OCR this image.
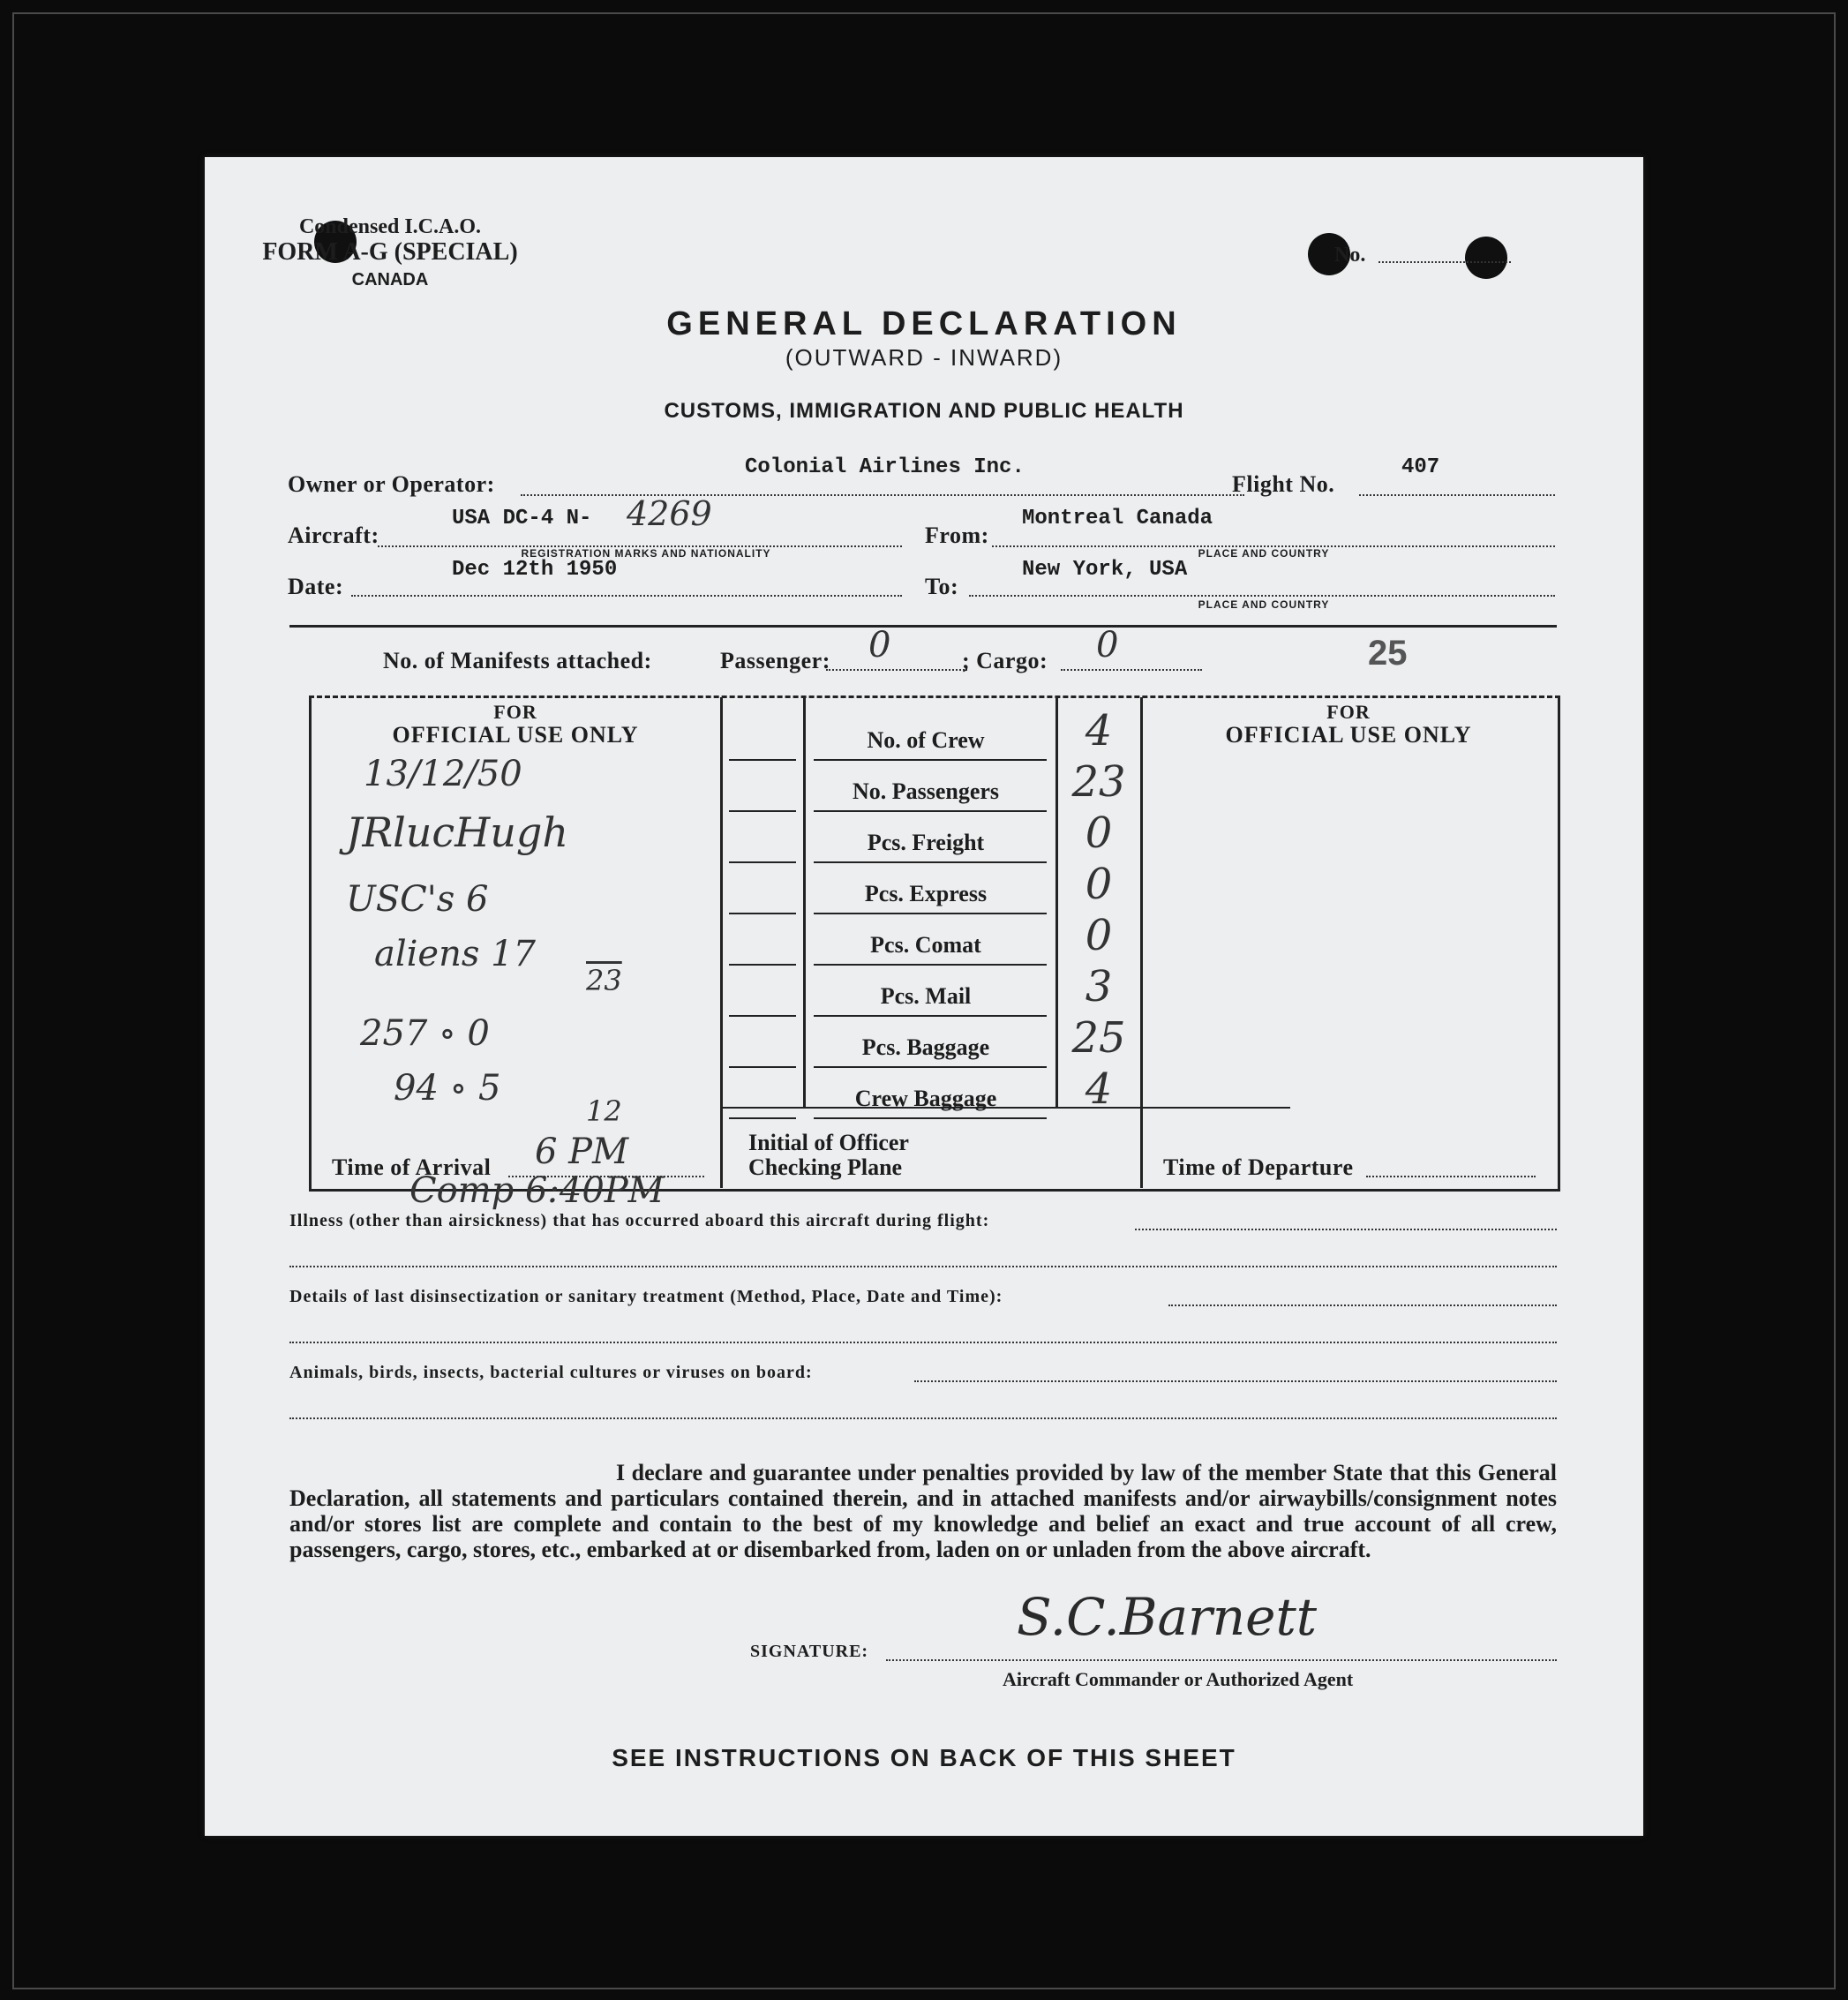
Condensed I.C.A.O.
FORM A-G (SPECIAL)
CANADA
No.
GENERAL DECLARATION
(OUTWARD - INWARD)
CUSTOMS, IMMIGRATION AND PUBLIC HEALTH
Owner or Operator:
Colonial Airlines Inc.
Flight No.
407
Aircraft:
USA DC-4 N- 4269
REGISTRATION MARKS AND NATIONALITY
From:
Montreal Canada
PLACE AND COUNTRY
Date:
Dec 12th 1950
To:
New York, USA
PLACE AND COUNTRY
No. of Manifests attached:	Passenger: 0	; Cargo: 0	25
FOR
OFFICIAL USE ONLY
13/12/50
JRlucHugh
USC's 6
aliens 17
23
257 ∘ 0
94 ∘ 5
12
6 PM
Time of Arrival
Comp 6:40PM
Initial of Officer
Checking Plane
FOR
OFFICIAL USE ONLY
Time of Departure
Illness (other than airsickness) that has occurred aboard this aircraft during flight:
Details of last disinsectization or sanitary treatment (Method, Place, Date and Time):
Animals, birds, insects, bacterial cultures or viruses on board:
I declare and guarantee under penalties provided by law of the member State that this General Declaration, all statements and particulars contained therein, and in attached manifests and/or airwaybills/consignment notes and/or stores list are complete and contain to the best of my knowledge and belief an exact and true account of all crew, passengers, cargo, stores, etc., embarked at or disembarked from, laden on or unladen from the above aircraft.
SIGNATURE:
S.C.Barnett
Aircraft Commander or Authorized Agent
SEE INSTRUCTIONS ON BACK OF THIS SHEET
No. of Crew	4
No. Passengers	23
Pcs. Freight	0
Pcs. Express	0
Pcs. Comat	0
Pcs. Mail	3
Pcs. Baggage	25
Crew Baggage	4
